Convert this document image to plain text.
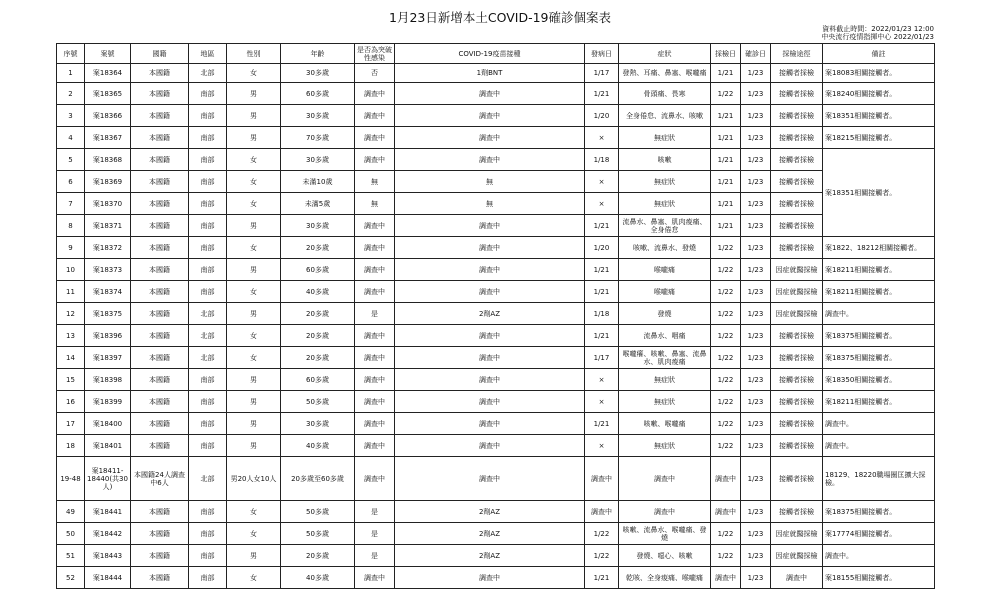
1月23日新增本土COVID-19確診個案表
資料截止時間：2022/01/23 12:00
中央流行疫情指揮中心 2022/01/23
序號	案號	國籍	地區	性別	年齡	是否為突破性感染	COVID-19疫苗接種	發病日	症狀	採檢日	確診日	採檢途徑	備註
1	案18364	本國籍	北部	女	30多歲	否	1劑BNT	1/17	發熱、耳痛、鼻塞、喉嚨痛	1/21	1/23	接觸者採檢	案18083相關接觸者。
2	案18365	本國籍	南部	男	60多歲	調查中	調查中	1/21	骨頭痛、畏寒	1/22	1/23	接觸者採檢	案18240相關接觸者。
3	案18366	本國籍	南部	男	30多歲	調查中	調查中	1/20	全身倦怠、流鼻水、咳嗽	1/21	1/23	接觸者採檢	案18351相關接觸者。
4	案18367	本國籍	南部	男	70多歲	調查中	調查中	×	無症狀	1/21	1/23	接觸者採檢	案18215相關接觸者。
5	案18368	本國籍	南部	女	30多歲	調查中	調查中	1/18	咳嗽	1/21	1/23	接觸者採檢	案18351相關接觸者。
6	案18369	本國籍	南部	女	未滿10歲	無	無	×	無症狀	1/21	1/23	接觸者採檢	
7	案18370	本國籍	南部	女	未滿5歲	無	無	×	無症狀	1/21	1/23	接觸者採檢	
8	案18371	本國籍	南部	男	30多歲	調查中	調查中	1/21	流鼻水、鼻塞、肌肉痠痛、全身倦怠	1/21	1/23	接觸者採檢	
9	案18372	本國籍	南部	女	20多歲	調查中	調查中	1/20	咳嗽、流鼻水、發燒	1/22	1/23	接觸者採檢	案1822、18212相關接觸者。
10	案18373	本國籍	南部	男	60多歲	調查中	調查中	1/21	喉嚨痛	1/22	1/23	因症就醫採檢	案18211相關接觸者。
11	案18374	本國籍	南部	女	40多歲	調查中	調查中	1/21	喉嚨痛	1/22	1/23	因症就醫採檢	案18211相關接觸者。
12	案18375	本國籍	北部	男	20多歲	是	2劑AZ	1/18	發燒	1/22	1/23	因症就醫採檢	調查中。
13	案18396	本國籍	北部	女	20多歲	調查中	調查中	1/21	流鼻水、咽痛	1/22	1/23	接觸者採檢	案18375相關接觸者。
14	案18397	本國籍	北部	女	20多歲	調查中	調查中	1/17	喉嚨癢、咳嗽、鼻塞、流鼻水、肌肉痠痛	1/22	1/23	接觸者採檢	案18375相關接觸者。
15	案18398	本國籍	南部	男	60多歲	調查中	調查中	×	無症狀	1/22	1/23	接觸者採檢	案18350相關接觸者。
16	案18399	本國籍	南部	男	50多歲	調查中	調查中	×	無症狀	1/22	1/23	接觸者採檢	案18211相關接觸者。
17	案18400	本國籍	南部	男	30多歲	調查中	調查中	1/21	咳嗽、喉嚨痛	1/22	1/23	接觸者採檢	調查中。
18	案18401	本國籍	南部	男	40多歲	調查中	調查中	×	無症狀	1/22	1/23	接觸者採檢	調查中。
19-48	案18411-18440(共30人)	本國籍24人調查中6人	北部	男20人女10人	20多歲至60多歲	調查中	調查中	調查中	調查中	調查中	1/23	接觸者採檢	18129、18220職場圈匡擴大採檢。
49	案18441	本國籍	南部	女	50多歲	是	2劑AZ	調查中	調查中	調查中	1/23	接觸者採檢	案18375相關接觸者。
50	案18442	本國籍	南部	女	50多歲	是	2劑AZ	1/22	咳嗽、流鼻水、喉嚨痛、發燒	1/22	1/23	因症就醫採檢	案17774相關接觸者。
51	案18443	本國籍	南部	男	20多歲	是	2劑AZ	1/22	發燒、噁心、咳嗽	1/22	1/23	因症就醫採檢	調查中。
52	案18444	本國籍	南部	女	40多歲	調查中	調查中	1/21	乾咳、全身痠痛、喉嚨痛	調查中	1/23	調查中	案18155相關接觸者。
